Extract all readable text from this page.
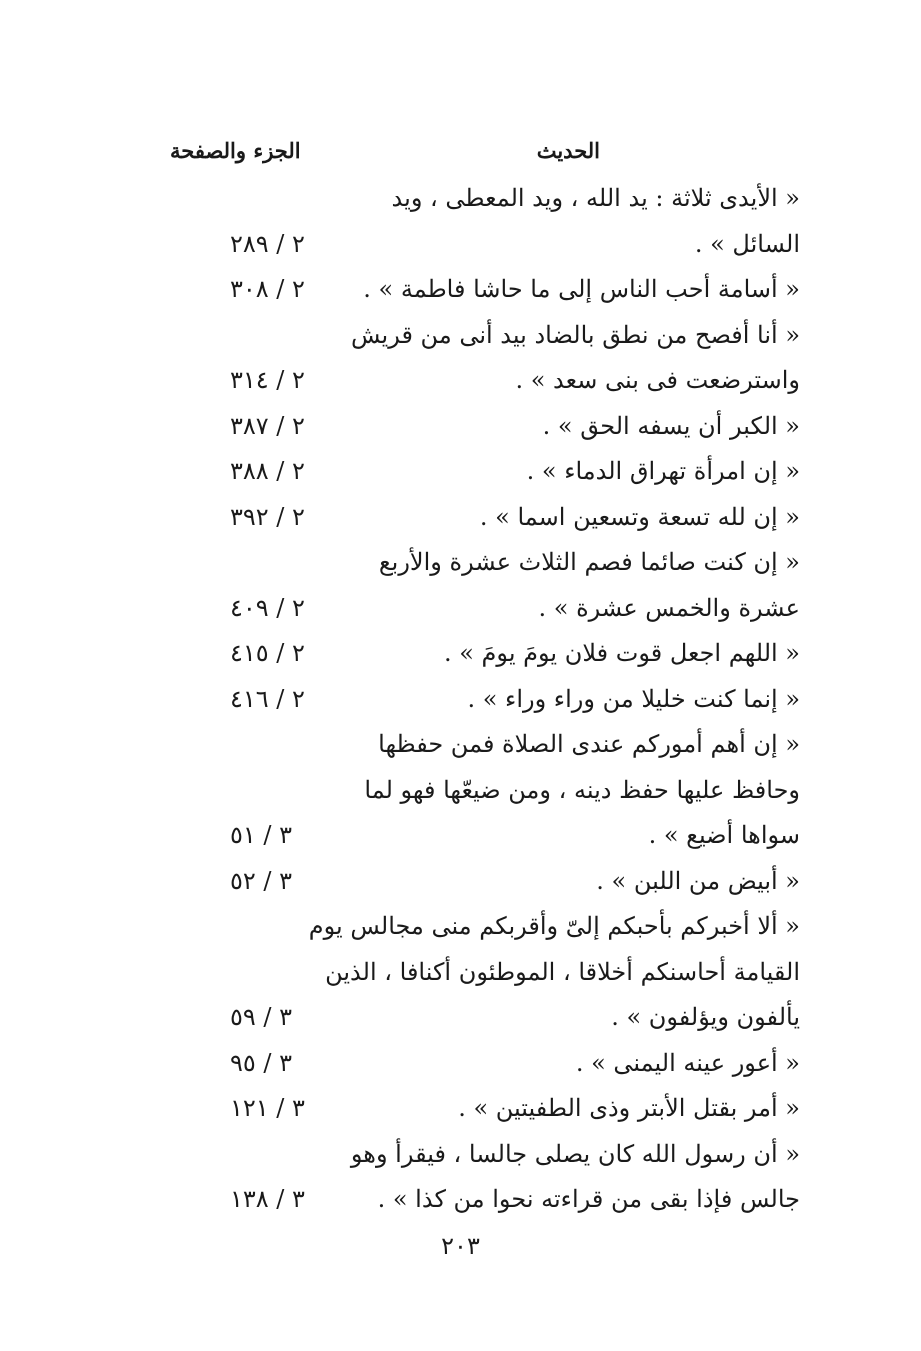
الحديث
الجزء والصفحة
« الأيدى ثلاثة : يد الله ، ويد المعطى ، ويد
السائل » .
٢ / ٢٨٩
« أسامة أحب الناس إلى ما حاشا فاطمة » .
٢ / ٣٠٨
« أنا أفصح من نطق بالضاد بيد أنى من قريش
واسترضعت فى بنى سعد » .
٢ / ٣١٤
« الكبر أن يسفه الحق » .
٢ / ٣٨٧
« إن امرأة تهراق الدماء » .
٢ / ٣٨٨
« إن لله تسعة وتسعين اسما » .
٢ / ٣٩٢
« إن كنت صائما فصم الثلاث عشرة والأربع
عشرة والخمس عشرة » .
٢ / ٤٠٩
« اللهم اجعل قوت فلان يومَ يومَ » .
٢ / ٤١٥
« إنما كنت خليلا من وراء وراء » .
٢ / ٤١٦
« إن أهم أموركم عندى الصلاة فمن حفظها
وحافظ عليها حفظ دينه ، ومن ضيعّها فهو لما
سواها أضيع » .
٣ / ٥١
« أبيض من اللبن » .
٣ / ٥٢
« ألا أخبركم بأحبكم إلىّ وأقربكم منى مجالس يوم
القيامة أحاسنكم أخلاقا ، الموطئون أكنافا ، الذين
يألفون ويؤلفون » .
٣ / ٥٩
« أعور عينه اليمنى » .
٣ / ٩٥
« أمر بقتل الأبتر وذى الطفيتين » .
٣ / ١٢١
« أن رسول الله كان يصلى جالسا ، فيقرأ وهو
جالس فإذا بقى من قراءته نحوا من كذا » .
٣ / ١٣٨
٢٠٣
